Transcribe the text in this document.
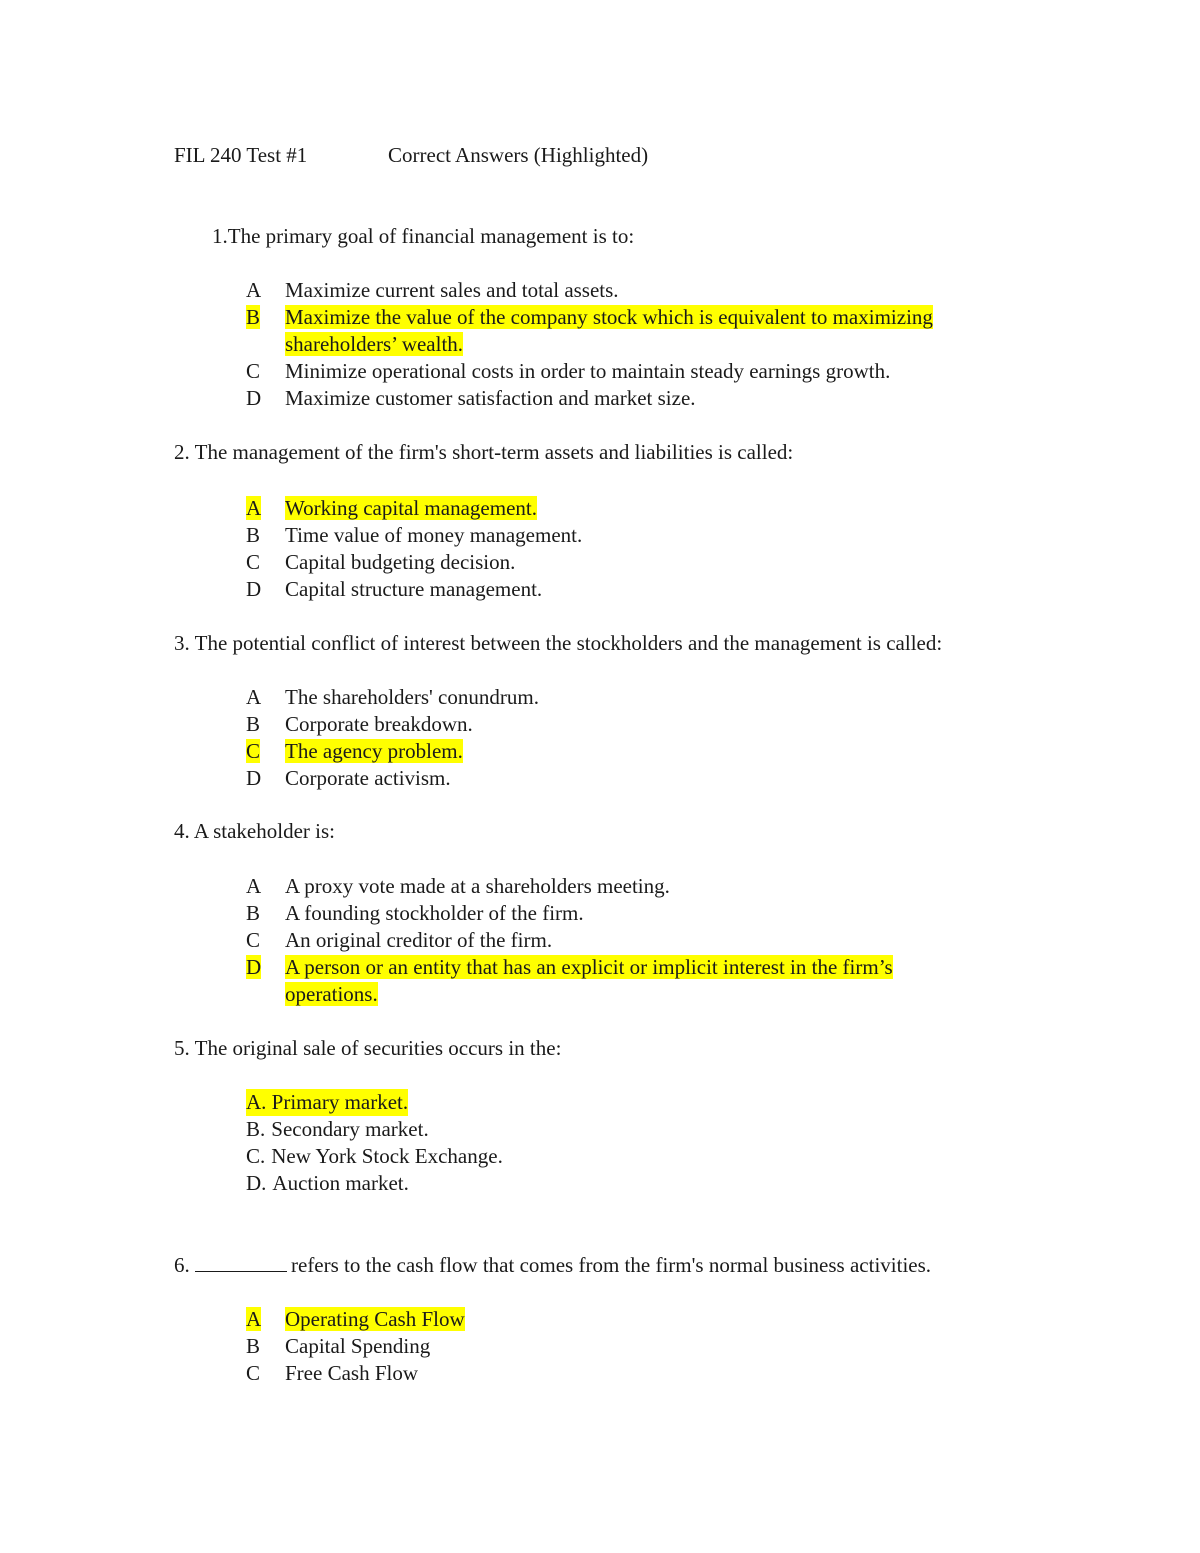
FIL 240 Test #1	Correct Answers (Highlighted)
1.The primary goal of financial management is to:
A	Maximize current sales and total assets.
B	Maximize the value of the company stock which is equivalent to maximizing
shareholders’ wealth.
C	Minimize operational costs in order to maintain steady earnings growth.
D	Maximize customer satisfaction and market size.
2. The management of the firm's short-term assets and liabilities is called:
A	Working capital management.
B	Time value of money management.
C	Capital budgeting decision.
D	Capital structure management.
3. The potential conflict of interest between the stockholders and the management is called:
A	The shareholders' conundrum.
B	Corporate breakdown.
C	The agency problem.
D	Corporate activism.
4. A stakeholder is:
A	A proxy vote made at a shareholders meeting.
B	A founding stockholder of the firm.
C	An original creditor of the firm.
D	A person or an entity that has an explicit or implicit interest in the firm’s
operations.
5. The original sale of securities occurs in the:
A. Primary market.
B. Secondary market.
C. New York Stock Exchange.
D. Auction market.
6.	refers to the cash flow that comes from the firm's normal business activities.
A	Operating Cash Flow
B	Capital Spending
C	Free Cash Flow
